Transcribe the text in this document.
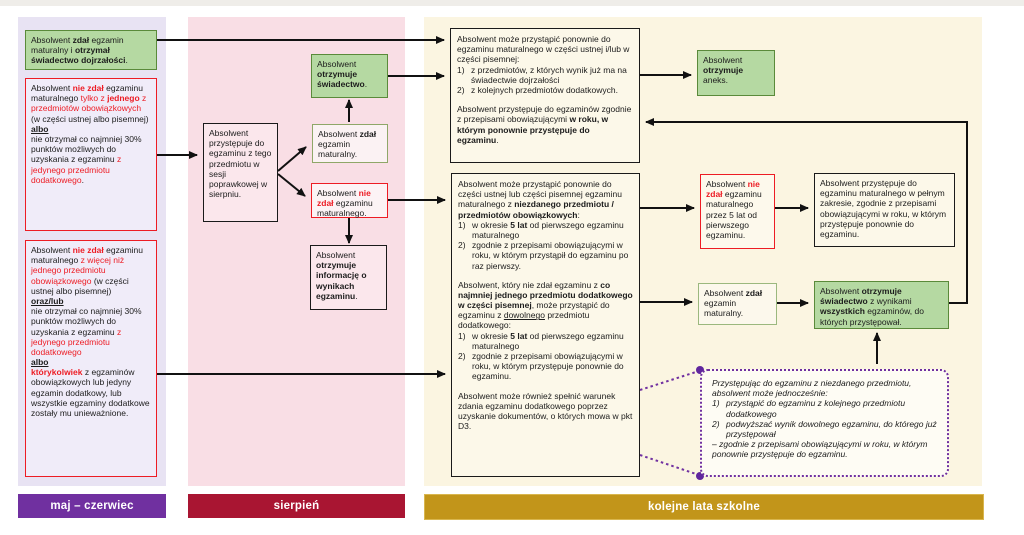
Absolwent zdał egzamin maturalny i otrzymał świadectwo dojrzałości.
Absolwent nie zdał egzaminu maturalnego tylko z jednego z przedmiotów obowiązkowych (w części ustnej albo pisemnej)
albo
nie otrzymał co najmniej 30% punktów możliwych do uzyskania z egzaminu z jedynego przedmiotu dodatkowego.
Absolwent nie zdał egzaminu maturalnego z więcej niż jednego przedmiotu obowiązkowego (w części ustnej albo pisemnej)
oraz/lub
nie otrzymał co najmniej 30% punktów możliwych do uzyskania z egzaminu z jedynego przedmiotu dodatkowego
albo
którykolwiek z egzaminów obowiązkowych lub jedyny egzamin dodatkowy, lub wszystkie egzaminy dodatkowe zostały mu unieważnione.
Absolwent przystępuje do egzaminu z tego przedmiotu w sesji poprawkowej w sierpniu.
Absolwent otrzymuje świadectwo.
Absolwent zdał egzamin maturalny.
Absolwent nie zdał egzaminu maturalnego.
Absolwent otrzymuje informację o wynikach egzaminu.
Absolwent może przystąpić ponownie do egzaminu maturalnego w części ustnej i/lub w części pisemnej:
1) z przedmiotów, z których wynik już ma na świadectwie dojrzałości
2) z kolejnych przedmiotów dodatkowych.
Absolwent przystępuje do egzaminów zgodnie z przepisami obowiązującymi w roku, w którym ponownie przystępuje do egzaminu.
Absolwent otrzymuje aneks.
Absolwent może przystąpić ponownie do części ustnej lub części pisemnej egzaminu maturalnego z niezdanego przedmiotu / przedmiotów obowiązkowych:
1) w okresie 5 lat od pierwszego egzaminu maturalnego
2) zgodnie z przepisami obowiązującymi w roku, w którym przystąpił do egzaminu po raz pierwszy.
Absolwent, który nie zdał egzaminu z co najmniej jednego przedmiotu dodatkowego w części pisemnej, może przystąpić do egzaminu z dowolnego przedmiotu dodatkowego:
1) w okresie 5 lat od pierwszego egzaminu maturalnego
2) zgodnie z przepisami obowiązującymi w roku, w którym przystępuje ponownie do egzaminu.
Absolwent może również spełnić warunek zdania egzaminu dodatkowego poprzez uzyskanie dokumentów, o których mowa w pkt D3.
Absolwent nie zdał egzaminu maturalnego przez 5 lat od pierwszego egzaminu.
Absolwent przystępuje do egzaminu maturalnego w pełnym zakresie, zgodnie z przepisami obowiązującymi w roku, w którym przystępuje ponownie do egzaminu.
Absolwent zdał egzamin maturalny.
Absolwent otrzymuje świadectwo z wynikami wszystkich egzaminów, do których przystępował.
Przystępując do egzaminu z niezdanego przedmiotu, absolwent może jednocześnie:
1) przystąpić do egzaminu z kolejnego przedmiotu dodatkowego
2) podwyższać wynik dowolnego egzaminu, do którego już przystępował
– zgodnie z przepisami obowiązującymi w roku, w którym ponownie przystępuje do egzaminu.
maj – czerwiec	sierpień	kolejne lata szkolne
